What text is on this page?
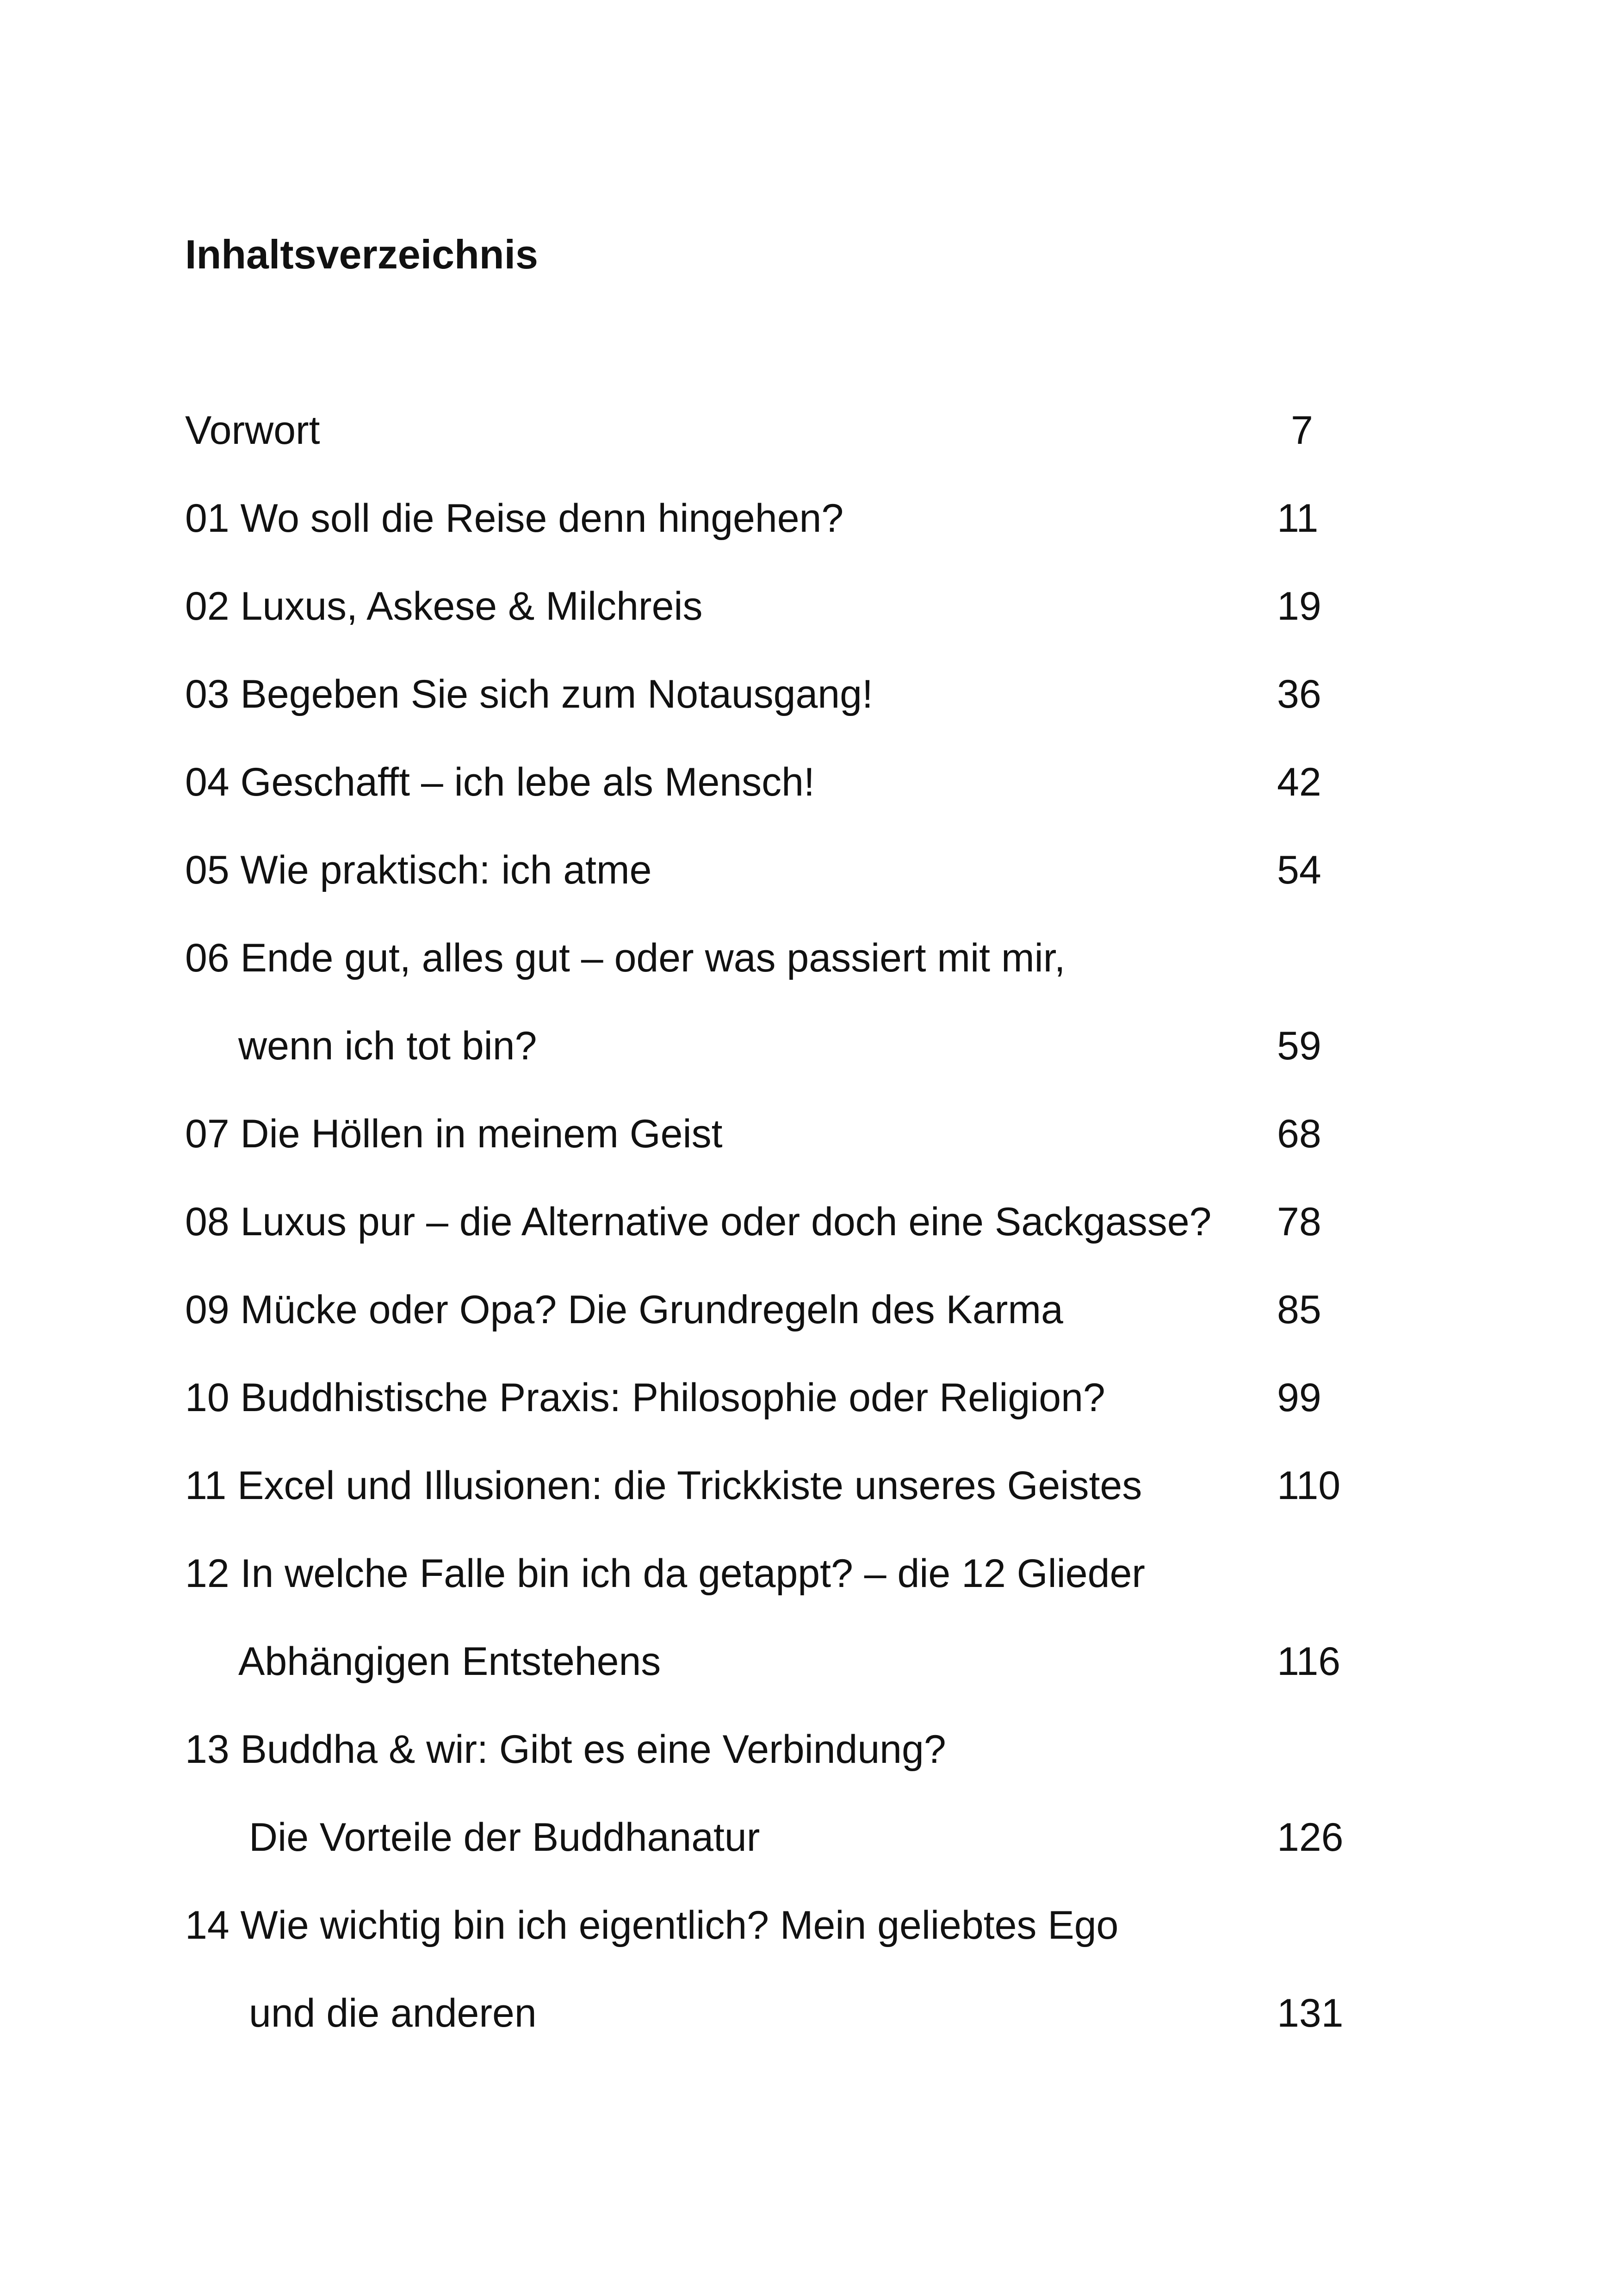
Inhaltsverzeichnis
Vorwort	7
01 Wo soll die Reise denn hingehen?	11
02 Luxus, Askese & Milchreis	19
03 Begeben Sie sich zum Notausgang!	36
04 Geschafft – ich lebe als Mensch!	42
05 Wie praktisch: ich atme	54
06 Ende gut, alles gut – oder was passiert mit mir,
wenn ich tot bin?	59
07 Die Höllen in meinem Geist	68
08 Luxus pur – die Alternative oder doch eine Sackgasse? 78
09 Mücke oder Opa? Die Grundregeln des Karma	85
10 Buddhistische Praxis: Philosophie oder Religion?	99
11 Excel und Illusionen: die Trickkiste unseres Geistes	110
12 In welche Falle bin ich da getappt? – die 12 Glieder
Abhängigen Entstehens	116
13 Buddha & wir: Gibt es eine Verbindung?
Die Vorteile der Buddhanatur	126
14 Wie wichtig bin ich eigentlich? Mein geliebtes Ego
und die anderen	131
